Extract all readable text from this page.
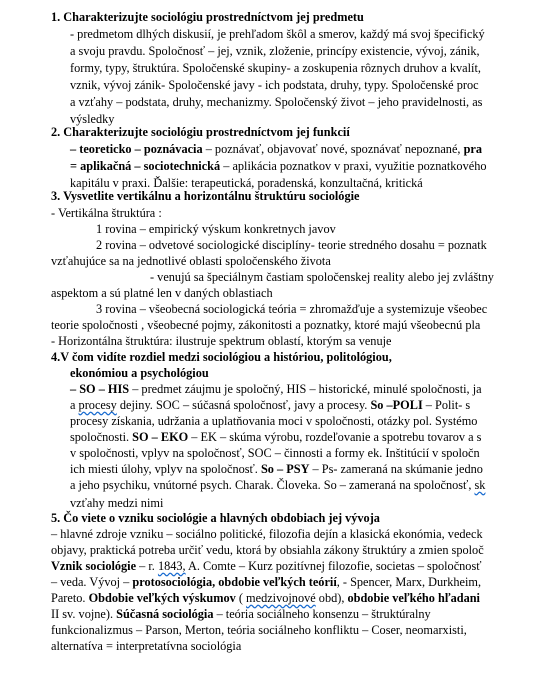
1. Charakterizujte sociológiu prostredníctvom jej predmetu
- predmetom dlhých diskusií, je prehľadom škôl a smerov, každý má svoj špecifický
a svoju pravdu. Spoločnosť – jej, vznik, zloženie, princípy existencie, vývoj, zánik,
formy, typy, štruktúra. Spoločenské skupiny- a zoskupenia rôznych druhov a kvalít,
vznik, vývoj zánik- Spoločenské javy - ich podstata, druhy, typy. Spoločenské proc
a vzťahy – podstata, druhy, mechanizmy. Spoločenský život – jeho pravidelnosti, as
výsledky
2. Charakterizujte sociológiu prostredníctvom jej funkcií
– teoreticko – poznávacia – poznávať, objavovať nové, spoznávať nepoznané, pra
= aplikačná – sociotechnická – aplikácia poznatkov v praxi, využitie poznatkového
kapitálu v praxi. Ďalšie: terapeutická, poradenská, konzultačná, kritická
3. Vysvetlite vertikálnu a horizontálnu štruktúru sociológie
- Vertikálna štruktúra :
1 rovina – empirický výskum konkretnych javov
2 rovina – odvetové sociologické disciplíny- teorie stredného dosahu = poznatk
vzťahujúce sa na jednotlivé oblasti spoločenského života
- venujú sa špeciálnym častiam spoločenskej reality alebo jej zvláštny
aspektom a sú platné len v daných oblastiach
3 rovina – všeobecná sociologická teória = zhromažďuje a systemizuje všeobec
teorie spoločnosti , všeobecné pojmy, zákonitosti a poznatky, ktoré majú všeobecnú pla
- Horizontálna štruktúra: ilustruje spektrum oblastí, ktorým sa venuje
4.V čom vidíte rozdiel medzi sociológiou a históriou, politológiou,
ekonómiou a psychológiou
– SO – HIS – predmet záujmu je spoločný, HIS – historické, minulé spoločnosti, ja
a procesy dejiny. SOC – súčasná spoločnosť, javy a procesy. So –POLI – Polit- s
procesy získania, udržania a uplatňovania moci v spoločnosti, otázky pol. Systémo
spoločnosti. SO – EKO – EK – skúma výrobu, rozdeľovanie a spotrebu tovarov a s
v spoločnosti, vplyv na spoločnosť, SOC – činnosti a formy ek. Inštitúcií v spoločn
ich miesti úlohy, vplyv na spoločnosť. So – PSY – Ps- zameraná na skúmanie jedno
a jeho psychiku, vnútorné psych. Charak. Človeka. So – zameraná na spoločnosť, sk
vzťahy medzi nimi
5. Čo viete o vzniku sociológie a hlavných obdobiach jej vývoja
– hlavné zdroje vzniku – sociálno politické, filozofia dejín a klasická ekonómia, vedeck
objavy, praktická potreba určiť vedu, ktorá by obsiahla zákony štruktúry a zmien spoloč
Vznik sociológie – r. 1843, A. Comte – Kurz pozitívnej filozofie, societas – spoločnosť
– veda. Vývoj – protosociológia, obdobie veľkých teórií, - Spencer, Marx, Durkheim,
Pareto. Obdobie veľkých výskumov ( medzivojnové obd), obdobie veľkého hľadani
II sv. vojne). Súčasná sociológia – teória sociálneho konsenzu – štruktúralny
funkcionalizmus – Parson, Merton, teória sociálneho konfliktu – Coser, neomarxisti,
alternatíva = interpretatívna sociológia
